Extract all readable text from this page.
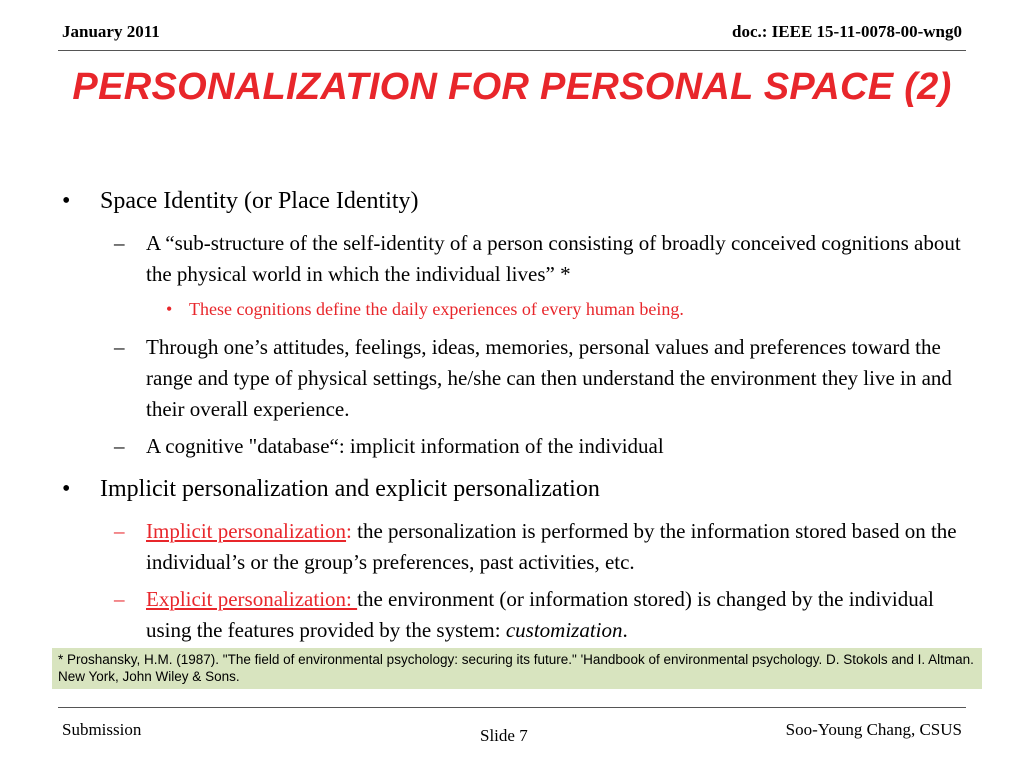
January 2011	doc.: IEEE 15-11-0078-00-wng0
PERSONALIZATION FOR PERSONAL SPACE (2)
• Space Identity (or Place Identity)
– A “sub-structure of the self-identity of a person consisting of broadly conceived cognitions about the physical world in which the individual lives” *
• These cognitions define the daily experiences of every human being.
– Through one’s attitudes, feelings, ideas, memories, personal values and preferences toward the range and type of physical settings, he/she can then understand the environment they live in and their overall experience.
– A cognitive "database“: implicit information of the individual
• Implicit personalization and explicit personalization
– Implicit personalization: the personalization is performed by the information stored based on the individual’s or the group’s preferences, past activities, etc.
– Explicit personalization: the environment (or information stored) is changed by the individual using the features provided by the system: customization.
* Proshansky, H.M. (1987). "The field of environmental psychology: securing its future." 'Handbook of environmental psychology. D. Stokols and I. Altman. New York, John Wiley & Sons.
Submission	Slide 7	Soo-Young Chang, CSUS
